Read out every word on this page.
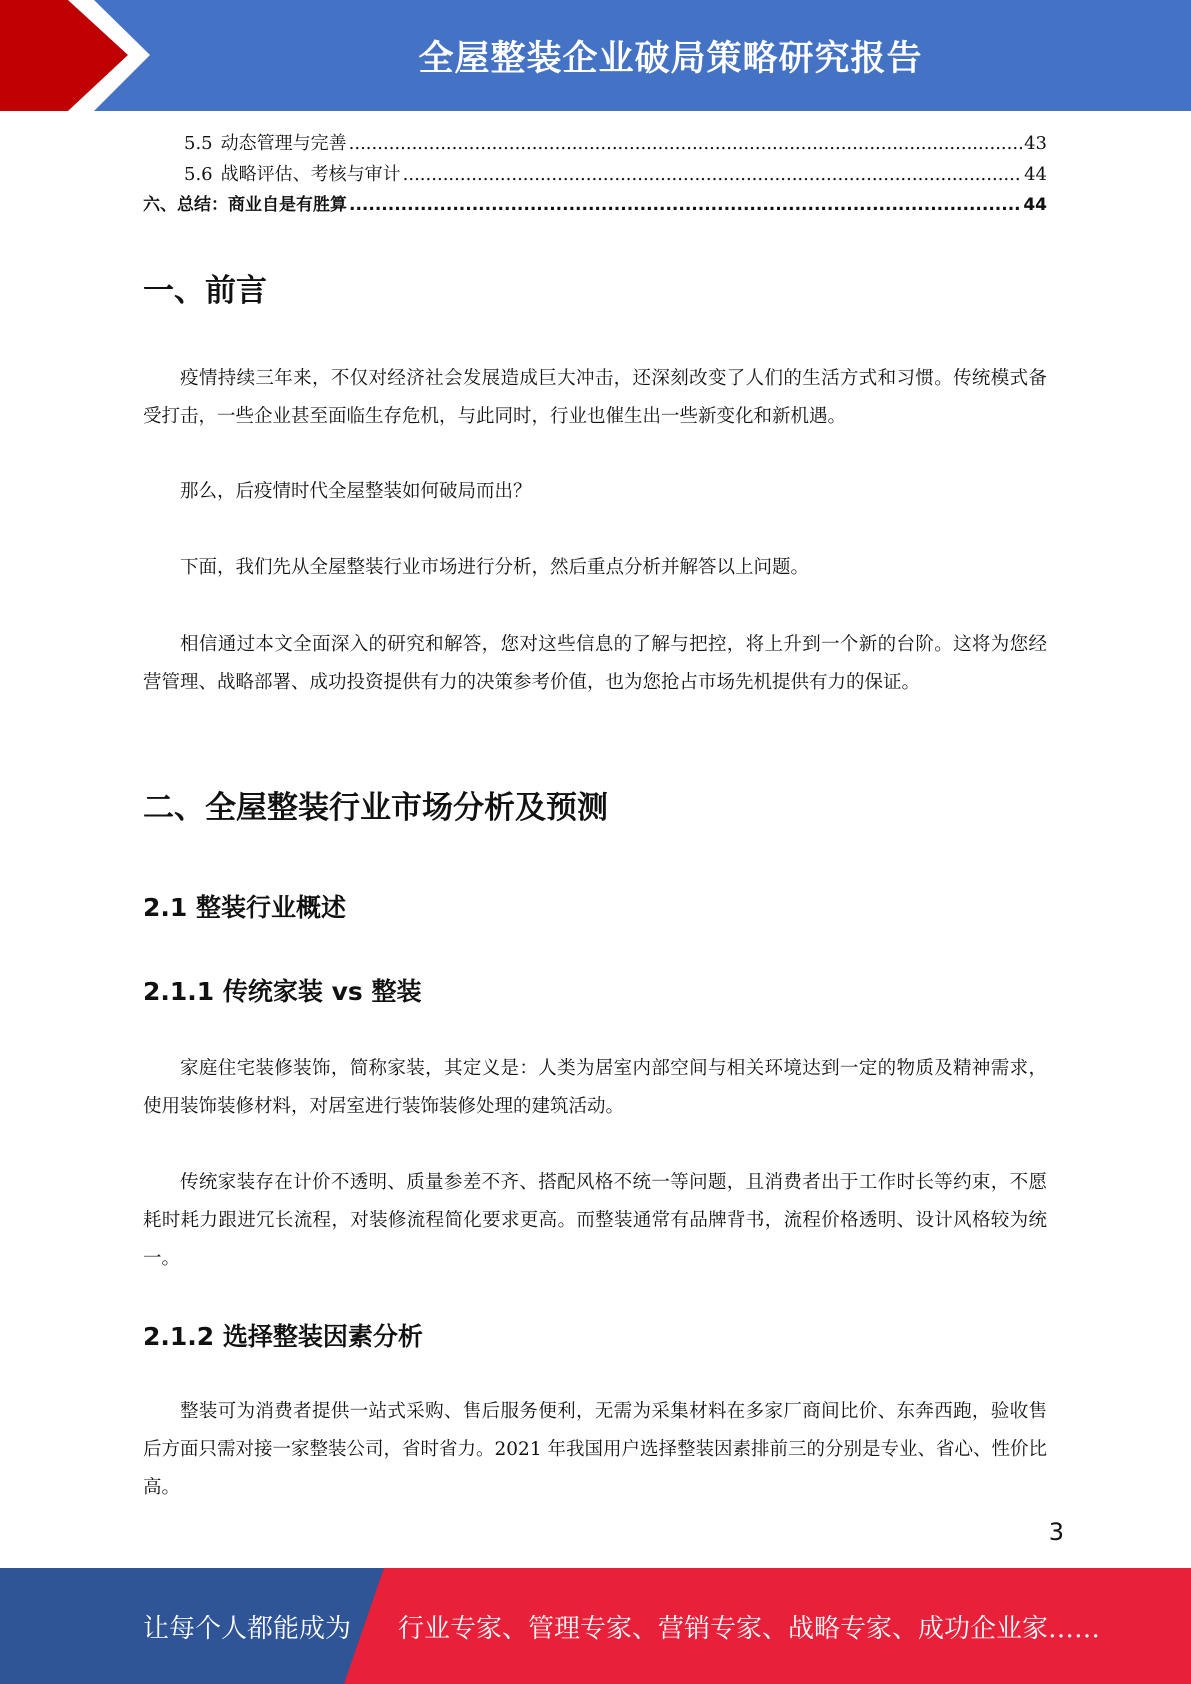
全屋整装企业破局策略研究报告
5.5 动态管理与完善 .....	43
5.6 战略评估、考核与审计 .....	44
六、总结：商业自是有胜算 .....	44
一、前言

疫情持续三年来，不仅对经济社会发展造成巨大冲击，还深刻改变了人们的生活方式和习惯。传统模式备受打击，一些企业甚至面临生存危机，与此同时，行业也催生出一些新变化和新机遇。

那么，后疫情时代全屋整装如何破局而出？

下面，我们先从全屋整装行业市场进行分析，然后重点分析并解答以上问题。

相信通过本文全面深入的研究和解答，您对这些信息的了解与把控，将上升到一个新的台阶。这将为您经营管理、战略部署、成功投资提供有力的决策参考价值，也为您抢占市场先机提供有力的保证。

二、全屋整装行业市场分析及预测
2.1 整装行业概述
2.1.1 传统家装 vs 整装

家庭住宅装修装饰，简称家装，其定义是：人类为居室内部空间与相关环境达到一定的物质及精神需求，使用装饰装修材料，对居室进行装饰装修处理的建筑活动。

传统家装存在计价不透明、质量参差不齐、搭配风格不统一等问题，且消费者出于工作时长等约束，不愿耗时耗力跟进冗长流程，对装修流程简化要求更高。而整装通常有品牌背书，流程价格透明、设计风格较为统一。

2.1.2 选择整装因素分析

整装可为消费者提供一站式采购、售后服务便利，无需为采集材料在多家厂商间比价、东奔西跑，验收售后方面只需对接一家整装公司，省时省力。2021 年我国用户选择整装因素排前三的分别是专业、省心、性价比高。

3
让每个人都能成为 行业专家、管理专家、营销专家、战略专家、成功企业家……
